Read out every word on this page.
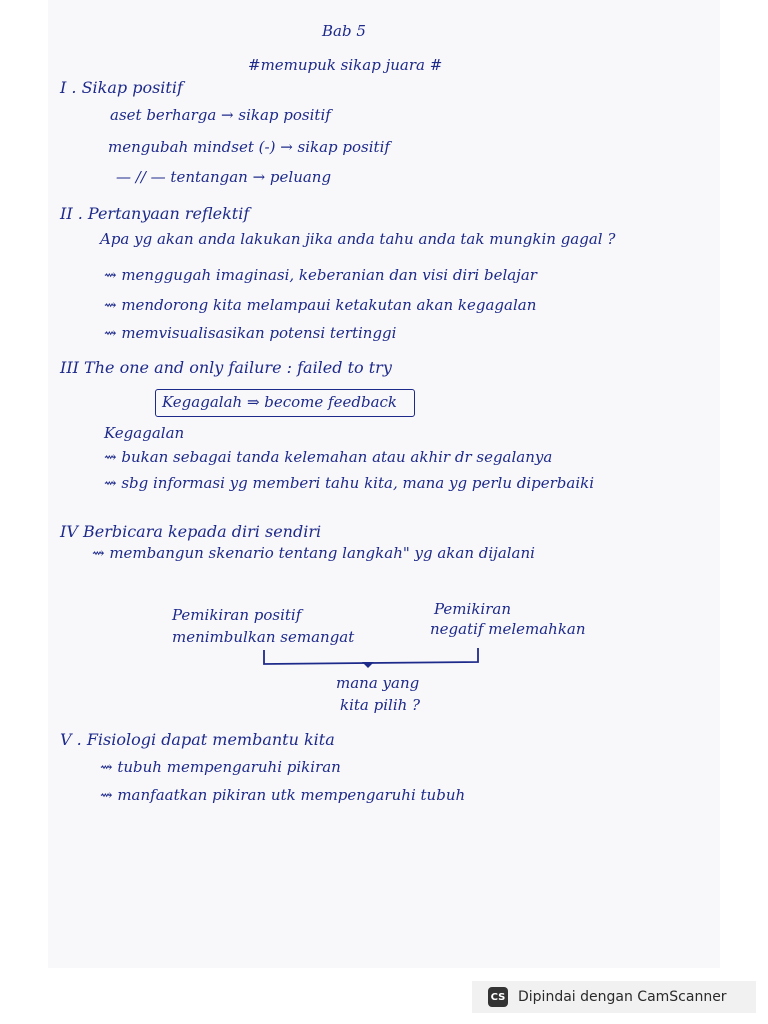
Bab 5
#memupuk sikap juara #
I . Sikap positif
aset berharga → sikap positif
mengubah mindset (-) → sikap positif
— // — tentangan → peluang
II . Pertanyaan reflektif
Apa yg akan anda lakukan jika anda tahu anda tak mungkin gagal ?
⇝ menggugah imaginasi, keberanian dan visi diri belajar
⇝ mendorong kita melampaui ketakutan akan kegagalan
⇝ memvisualisasikan potensi tertinggi
III The one and only failure : failed to try
Kegagalah ⇒ become feedback
Kegagalan
⇝ bukan sebagai tanda kelemahan atau akhir dr segalanya
⇝ sbg informasi yg memberi tahu kita, mana yg perlu diperbaiki
IV Berbicara kepada diri sendiri
⇝ membangun skenario tentang langkah" yg akan dijalani
Pemikiran positif
menimbulkan semangat
Pemikiran
negatif melemahkan
mana yang
kita pilih ?
V . Fisiologi dapat membantu kita
⇝ tubuh mempengaruhi pikiran
⇝ manfaatkan pikiran utk mempengaruhi tubuh
CS Dipindai dengan CamScanner
